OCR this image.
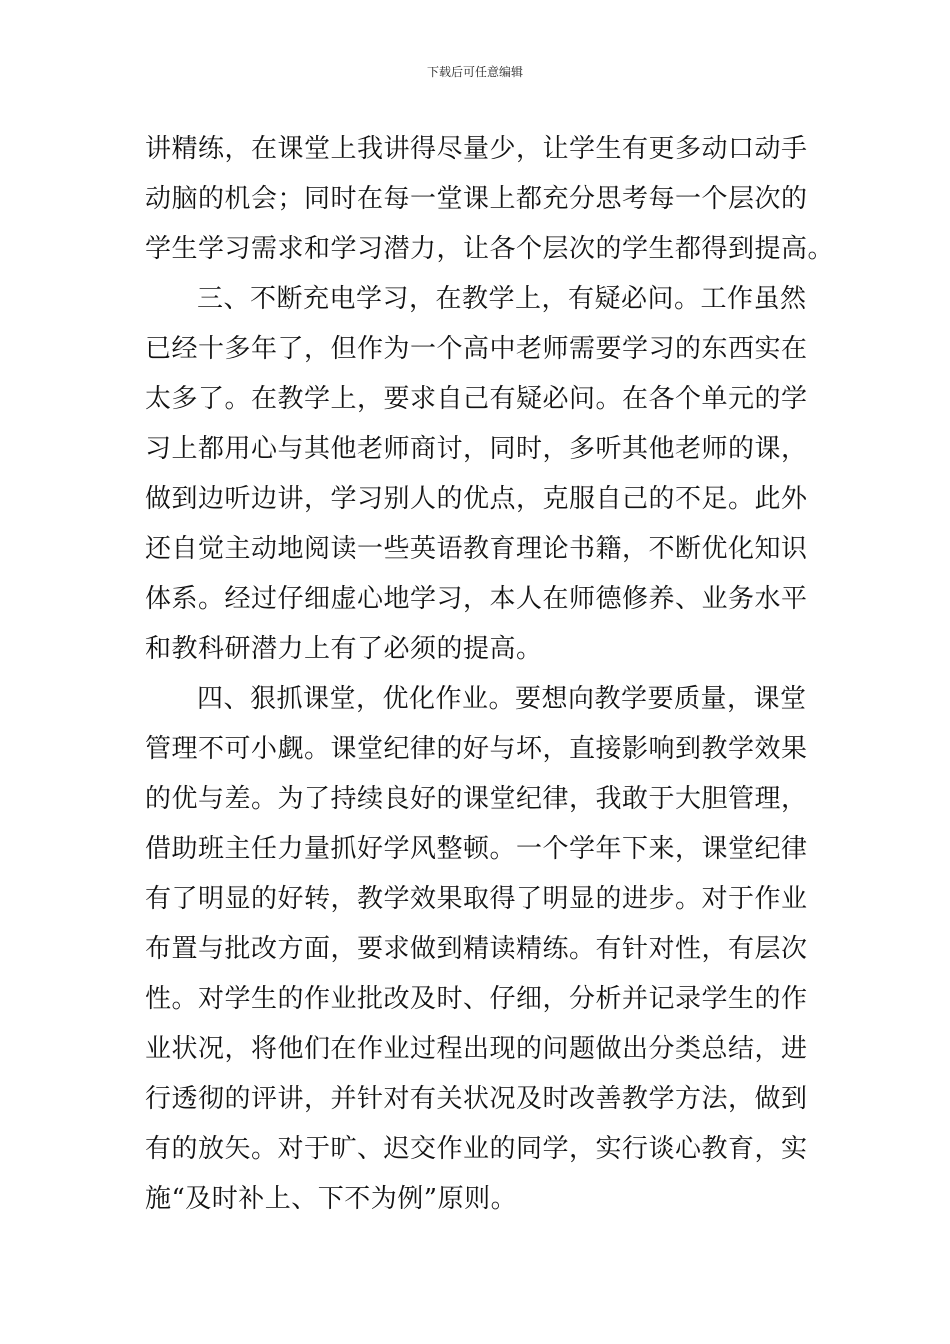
下载后可任意编辑
讲精练，在课堂上我讲得尽量少，让学生有更多动口动手
动脑的机会；同时在每一堂课上都充分思考每一个层次的
学生学习需求和学习潜力，让各个层次的学生都得到提高。
三、不断充电学习，在教学上，有疑必问。工作虽然
已经十多年了，但作为一个高中老师需要学习的东西实在
太多了。在教学上，要求自己有疑必问。在各个单元的学
习上都用心与其他老师商讨，同时，多听其他老师的课，
做到边听边讲，学习别人的优点，克服自己的不足。此外
还自觉主动地阅读一些英语教育理论书籍，不断优化知识
体系。经过仔细虚心地学习，本人在师德修养、业务水平
和教科研潜力上有了必须的提高。
四、狠抓课堂，优化作业。要想向教学要质量，课堂
管理不可小觑。课堂纪律的好与坏，直接影响到教学效果
的优与差。为了持续良好的课堂纪律，我敢于大胆管理，
借助班主任力量抓好学风整顿。一个学年下来，课堂纪律
有了明显的好转，教学效果取得了明显的进步。对于作业
布置与批改方面，要求做到精读精练。有针对性，有层次
性。对学生的作业批改及时、仔细，分析并记录学生的作
业状况，将他们在作业过程出现的问题做出分类总结，进
行透彻的评讲，并针对有关状况及时改善教学方法，做到
有的放矢。对于旷、迟交作业的同学，实行谈心教育，实
施“及时补上、下不为例”原则。
